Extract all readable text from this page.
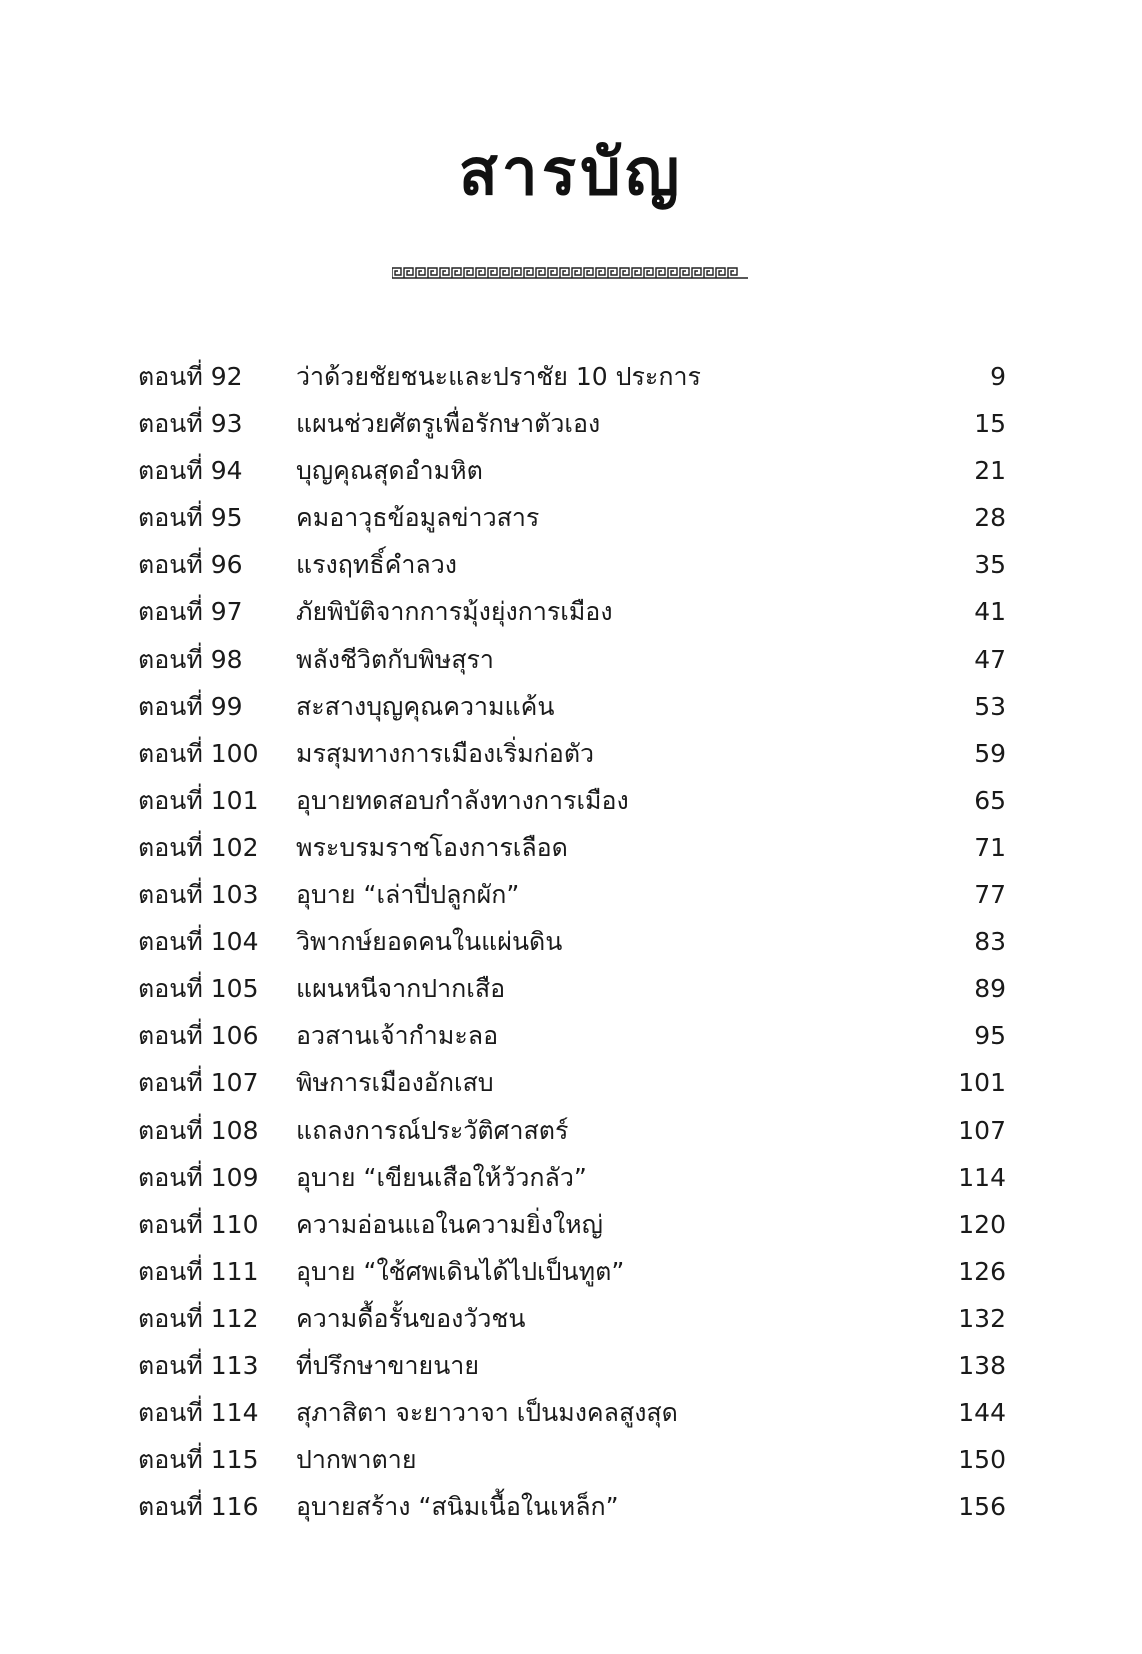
สารบัญ
ตอนที่ 92 ว่าด้วยชัยชนะและปราชัย 10 ประการ	9
ตอนที่ 93 แผนช่วยศัตรูเพื่อรักษาตัวเอง	15
ตอนที่ 94 บุญคุณสุดอำมหิต	21
ตอนที่ 95 คมอาวุธข้อมูลข่าวสาร	28
ตอนที่ 96 แรงฤทธิ์คำลวง	35
ตอนที่ 97 ภัยพิบัติจากการมุ้งยุ่งการเมือง	41
ตอนที่ 98 พลังชีวิตกับพิษสุรา	47
ตอนที่ 99 สะสางบุญคุณความแค้น	53
ตอนที่ 100 มรสุมทางการเมืองเริ่มก่อตัว	59
ตอนที่ 101 อุบายทดสอบกำลังทางการเมือง	65
ตอนที่ 102 พระบรมราชโองการเลือด	71
ตอนที่ 103 อุบาย “เล่าปี่ปลูกผัก”	77
ตอนที่ 104 วิพากษ์ยอดคนในแผ่นดิน	83
ตอนที่ 105 แผนหนีจากปากเสือ	89
ตอนที่ 106 อวสานเจ้ากำมะลอ	95
ตอนที่ 107 พิษการเมืองอักเสบ	101
ตอนที่ 108 แถลงการณ์ประวัติศาสตร์	107
ตอนที่ 109 อุบาย “เขียนเสือให้วัวกลัว”	114
ตอนที่ 110 ความอ่อนแอในความยิ่งใหญ่	120
ตอนที่ 111 อุบาย “ใช้ศพเดินได้ไปเป็นทูต”	126
ตอนที่ 112 ความดื้อรั้นของวัวชน	132
ตอนที่ 113 ที่ปรึกษาขายนาย	138
ตอนที่ 114 สุภาสิตา จะยาวาจา เป็นมงคลสูงสุด	144
ตอนที่ 115 ปากพาตาย	150
ตอนที่ 116 อุบายสร้าง “สนิมเนื้อในเหล็ก”	156
